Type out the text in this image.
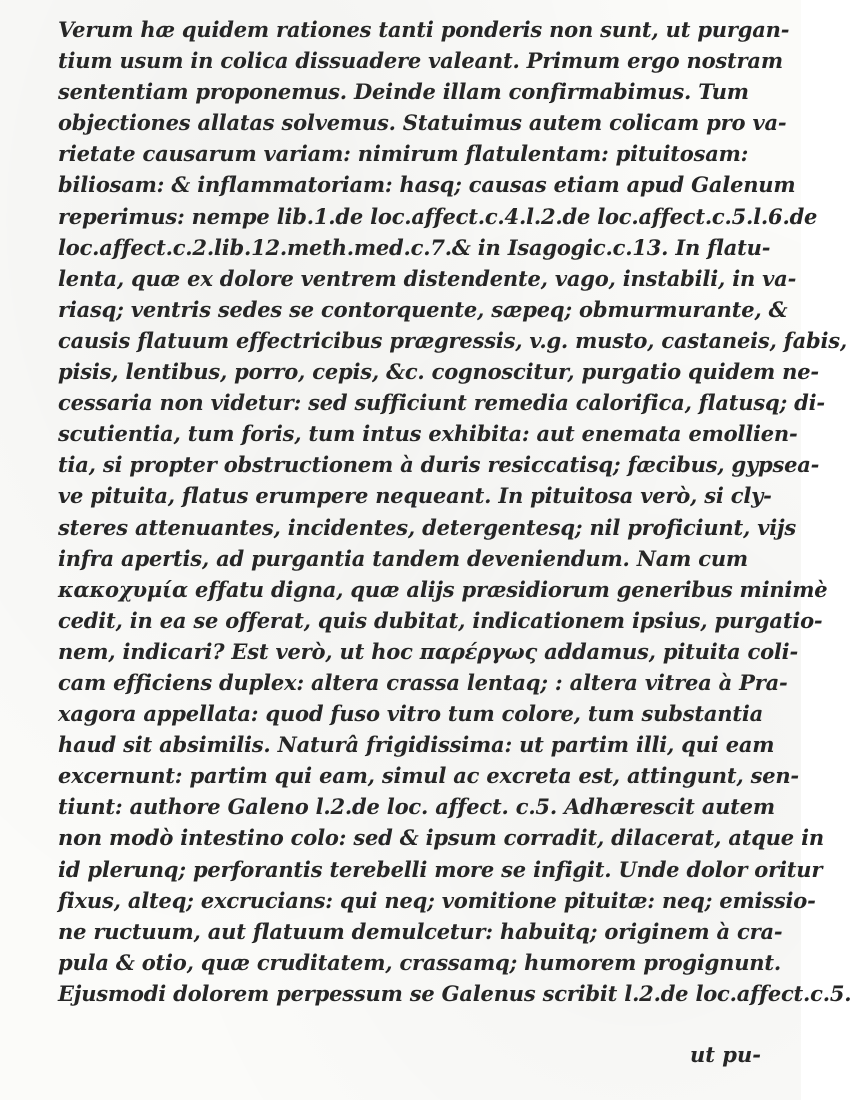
Verum hæ quidem rationes tanti ponderis non sunt, ut purgan-
tium usum in colica dissuadere valeant. Primum ergo nostram
sententiam proponemus. Deinde illam confirmabimus. Tum
objectiones allatas solvemus. Statuimus autem colicam pro va-
rietate causarum variam: nimirum flatulentam: pituitosam:
biliosam: & inflammatoriam: hasq; causas etiam apud Galenum
reperimus: nempe lib.1.de loc.affect.c.4.l.2.de loc.affect.c.5.l.6.de
loc.affect.c.2.lib.12.meth.med.c.7.& in Isagogic.c.13. In flatu-
lenta, quæ ex dolore ventrem distendente, vago, instabili, in va-
riasq; ventris sedes se contorquente, sæpeq; obmurmurante, &
causis flatuum effectricibus prægressis, v.g. musto, castaneis, fabis,
pisis, lentibus, porro, cepis, &c. cognoscitur, purgatio quidem ne-
cessaria non videtur: sed sufficiunt remedia calorifica, flatusq; di-
scutientia, tum foris, tum intus exhibita: aut enemata emollien-
tia, si propter obstructionem à duris resiccatisq; fæcibus, gypsea-
ve pituita, flatus erumpere nequeant. In pituitosa verò, si cly-
steres attenuantes, incidentes, detergentesq; nil proficiunt, vijs
infra apertis, ad purgantia tandem deveniendum. Nam cum
κακοχυμία effatu digna, quæ alijs præsidiorum generibus minimè
cedit, in ea se offerat, quis dubitat, indicationem ipsius, purgatio-
nem, indicari? Est verò, ut hoc παρέργως addamus, pituita coli-
cam efficiens duplex: altera crassa lentaq; : altera vitrea à Pra-
xagora appellata: quod fuso vitro tum colore, tum substantia
haud sit absimilis. Naturâ frigidissima: ut partim illi, qui eam
excernunt: partim qui eam, simul ac excreta est, attingunt, sen-
tiunt: authore Galeno l.2.de loc. affect. c.5. Adhærescit autem
non modò intestino colo: sed & ipsum corradit, dilacerat, atque in
id plerunq; perforantis terebelli more se infigit. Unde dolor oritur
fixus, alteq; excrucians: qui neq; vomitione pituitæ: neq; emissio-
ne ructuum, aut flatuum demulcetur: habuitq; originem à cra-
pula & otio, quæ cruditatem, crassamq; humorem progignunt.
Ejusmodi dolorem perpessum se Galenus scribit l.2.de loc.affect.c.5.
ut pu-
